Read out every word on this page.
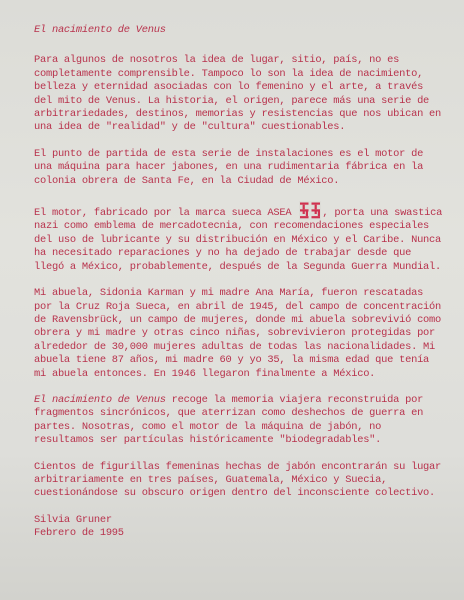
El nacimiento de Venus

Para algunos de nosotros la idea de lugar, sitio, país, no es completamente comprensible. Tampoco lo son la idea de nacimiento, belleza y eternidad asociadas con lo femenino y el arte, a través del mito de Venus. La historia, el origen, parece más una serie de arbitrariedades, destinos, memorias y resistencias que nos ubican en una idea de "realidad" y de "cultura" cuestionables.

El punto de partida de esta serie de instalaciones es el motor de una máquina para hacer jabones, en una rudimentaria fábrica en la colonia obrera de Santa Fe, en la Ciudad de México.

El motor, fabricado por la marca sueca ASEA
, porta una swastica nazi como emblema de mercadotecnia, con recomendaciones especiales del uso de lubricante y su distribución en México y el Caribe. Nunca ha necesitado reparaciones y no ha dejado de trabajar desde que llegó a México, probablemente, después de la Segunda Guerra Mundial.

Mi abuela, Sidonia Karman y mi madre Ana María, fueron rescatadas por la Cruz Roja Sueca, en abril de 1945, del campo de concentración de Ravensbrück, un campo de mujeres, donde mi abuela sobrevivió como obrera y mi madre y otras cinco niñas, sobrevivieron protegidas por alrededor de 30,000 mujeres adultas de todas las nacionalidades. Mi abuela tiene 87 años, mi madre 60 y yo 35, la misma edad que tenía mi abuela entonces. En 1946 llegaron finalmente a México.

El nacimiento de Venus recoge la memoria viajera reconstruida por fragmentos sincrónicos, que aterrizan como deshechos de guerra en partes. Nosotras, como el motor de la máquina de jabón, no resultamos ser partículas históricamente "biodegradables".

Cientos de figurillas femeninas hechas de jabón encontrarán su lugar arbitrariamente en tres países, Guatemala, México y Suecia, cuestionándose su obscuro origen dentro del inconsciente colectivo.

Silvia Gruner
Febrero de 1995
